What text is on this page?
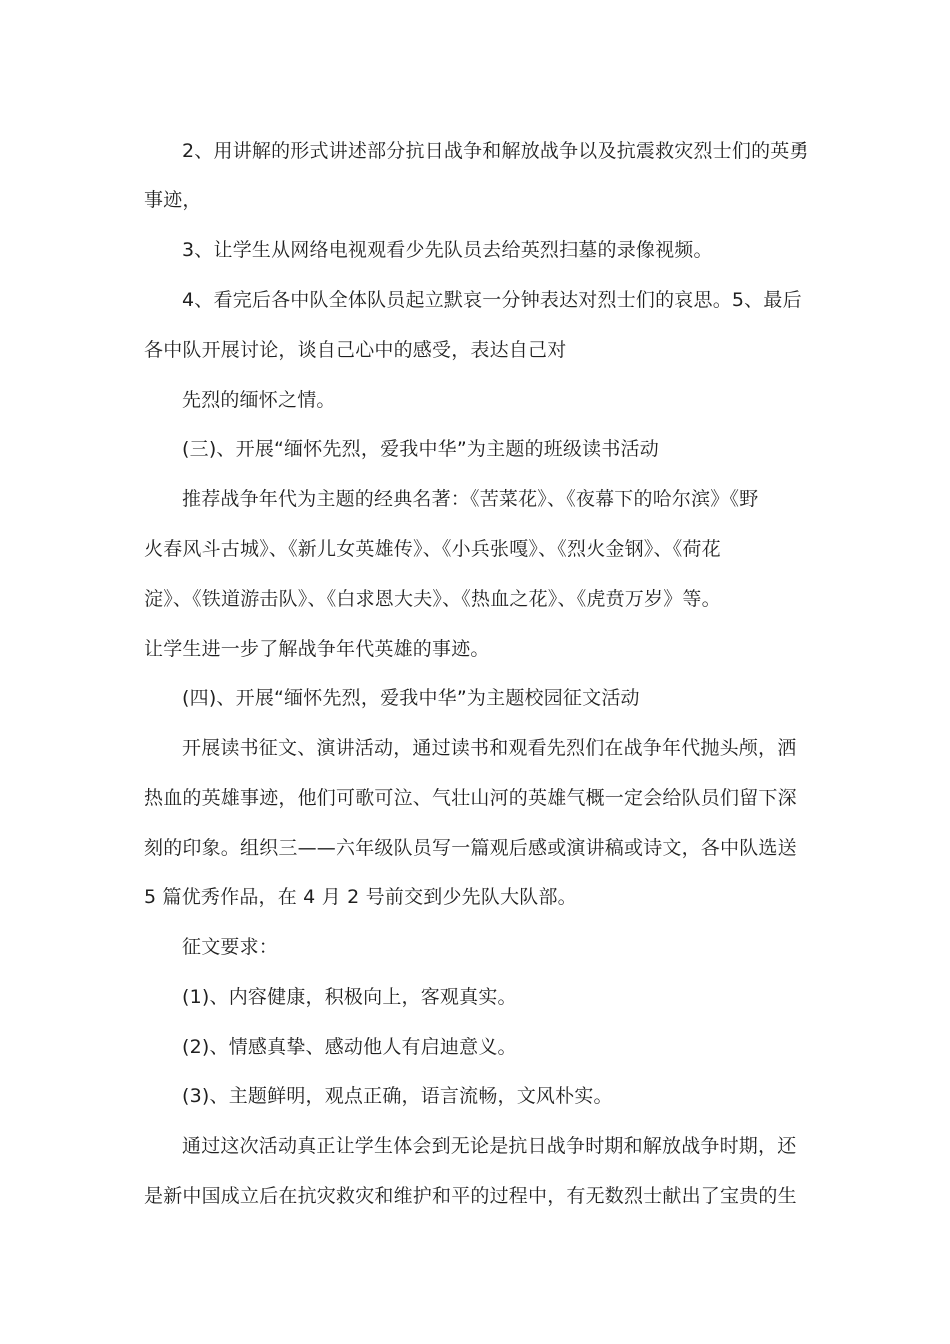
2、用讲解的形式讲述部分抗日战争和解放战争以及抗震救灾烈士们的英勇
事迹，
3、让学生从网络电视观看少先队员去给英烈扫墓的录像视频。
4、看完后各中队全体队员起立默哀一分钟表达对烈士们的哀思。5、最后
各中队开展讨论，谈自己心中的感受，表达自己对
先烈的缅怀之情。
(三)、开展“缅怀先烈，爱我中华”为主题的班级读书活动
推荐战争年代为主题的经典名著：《苦菜花》、《夜幕下的哈尔滨》《野
火春风斗古城》、《新儿女英雄传》、《小兵张嘎》、《烈火金钢》、《荷花
淀》、《铁道游击队》、《白求恩大夫》、《热血之花》、《虎贲万岁》等。
让学生进一步了解战争年代英雄的事迹。
(四)、开展“缅怀先烈，爱我中华”为主题校园征文活动
开展读书征文、演讲活动，通过读书和观看先烈们在战争年代抛头颅，洒
热血的英雄事迹，他们可歌可泣、气壮山河的英雄气概一定会给队员们留下深
刻的印象。组织三——六年级队员写一篇观后感或演讲稿或诗文，各中队选送
5 篇优秀作品，在 4 月 2 号前交到少先队大队部。
征文要求：
(1)、内容健康，积极向上，客观真实。
(2)、情感真挚、感动他人有启迪意义。
(3)、主题鲜明，观点正确，语言流畅，文风朴实。
通过这次活动真正让学生体会到无论是抗日战争时期和解放战争时期，还
是新中国成立后在抗灾救灾和维护和平的过程中，有无数烈士献出了宝贵的生
